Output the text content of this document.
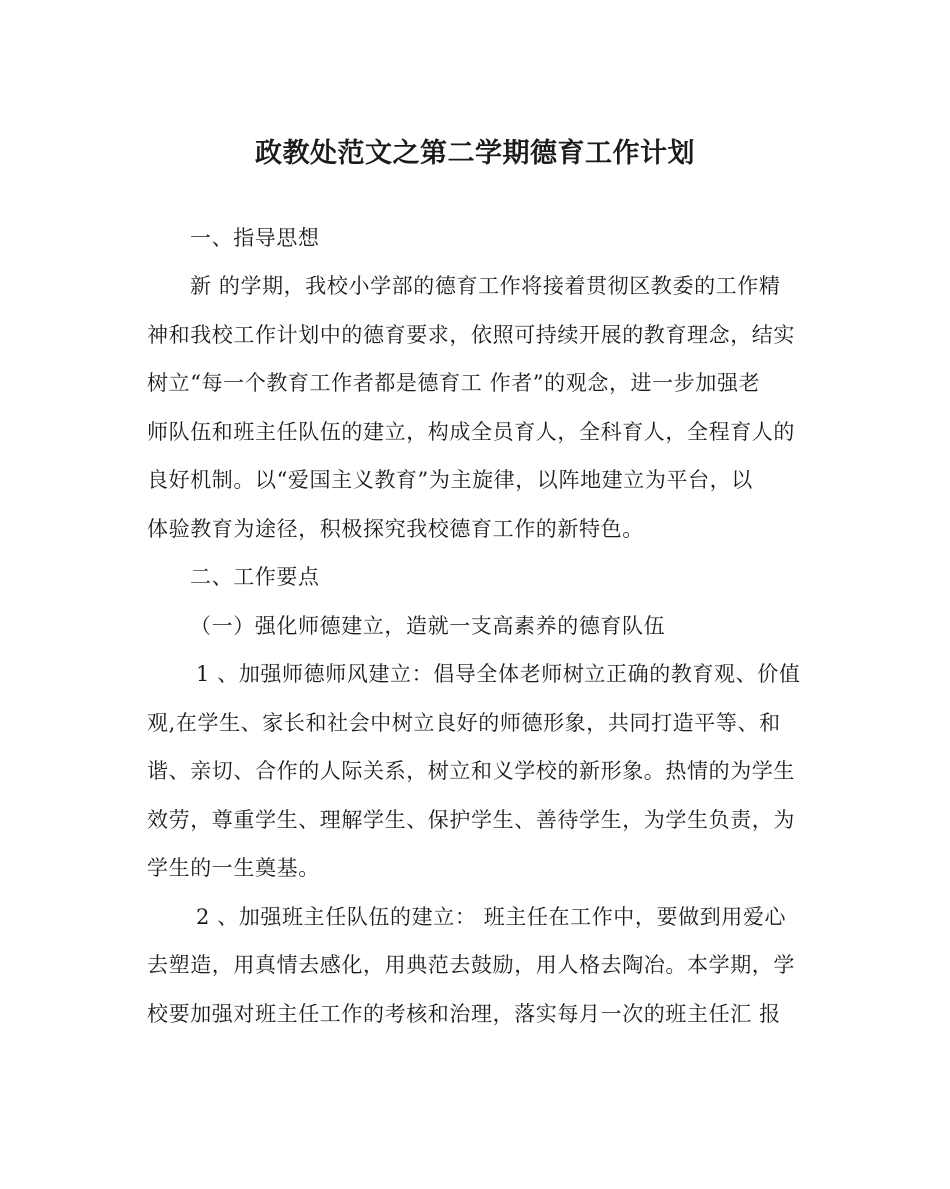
政教处范文之第二学期德育工作计划
一、指导思想
新 的学期，我校小学部的德育工作将接着贯彻区教委的工作精
神和我校工作计划中的德育要求，依照可持续开展的教育理念，结实
树立“每一个教育工作者都是德育工 作者”的观念，进一步加强老
师队伍和班主任队伍的建立，构成全员育人，全科育人，全程育人的
良好机制。以“爱国主义教育”为主旋律，以阵地建立为平台，以
体验教育为途径，积极探究我校德育工作的新特色。
二、工作要点
（一）强化师德建立，造就一支高素养的德育队伍
1 、加强师德师风建立：倡导全体老师树立正确的教育观、价值
观,在学生、家长和社会中树立良好的师德形象，共同打造平等、和
谐、亲切、合作的人际关系，树立和义学校的新形象。热情的为学生
效劳，尊重学生、理解学生、保护学生、善待学生，为学生负责，为
学生的一生奠基。
2 、加强班主任队伍的建立： 班主任在工作中，要做到用爱心
去塑造，用真情去感化，用典范去鼓励，用人格去陶冶。本学期，学
校要加强对班主任工作的考核和治理，落实每月一次的班主任汇 报
